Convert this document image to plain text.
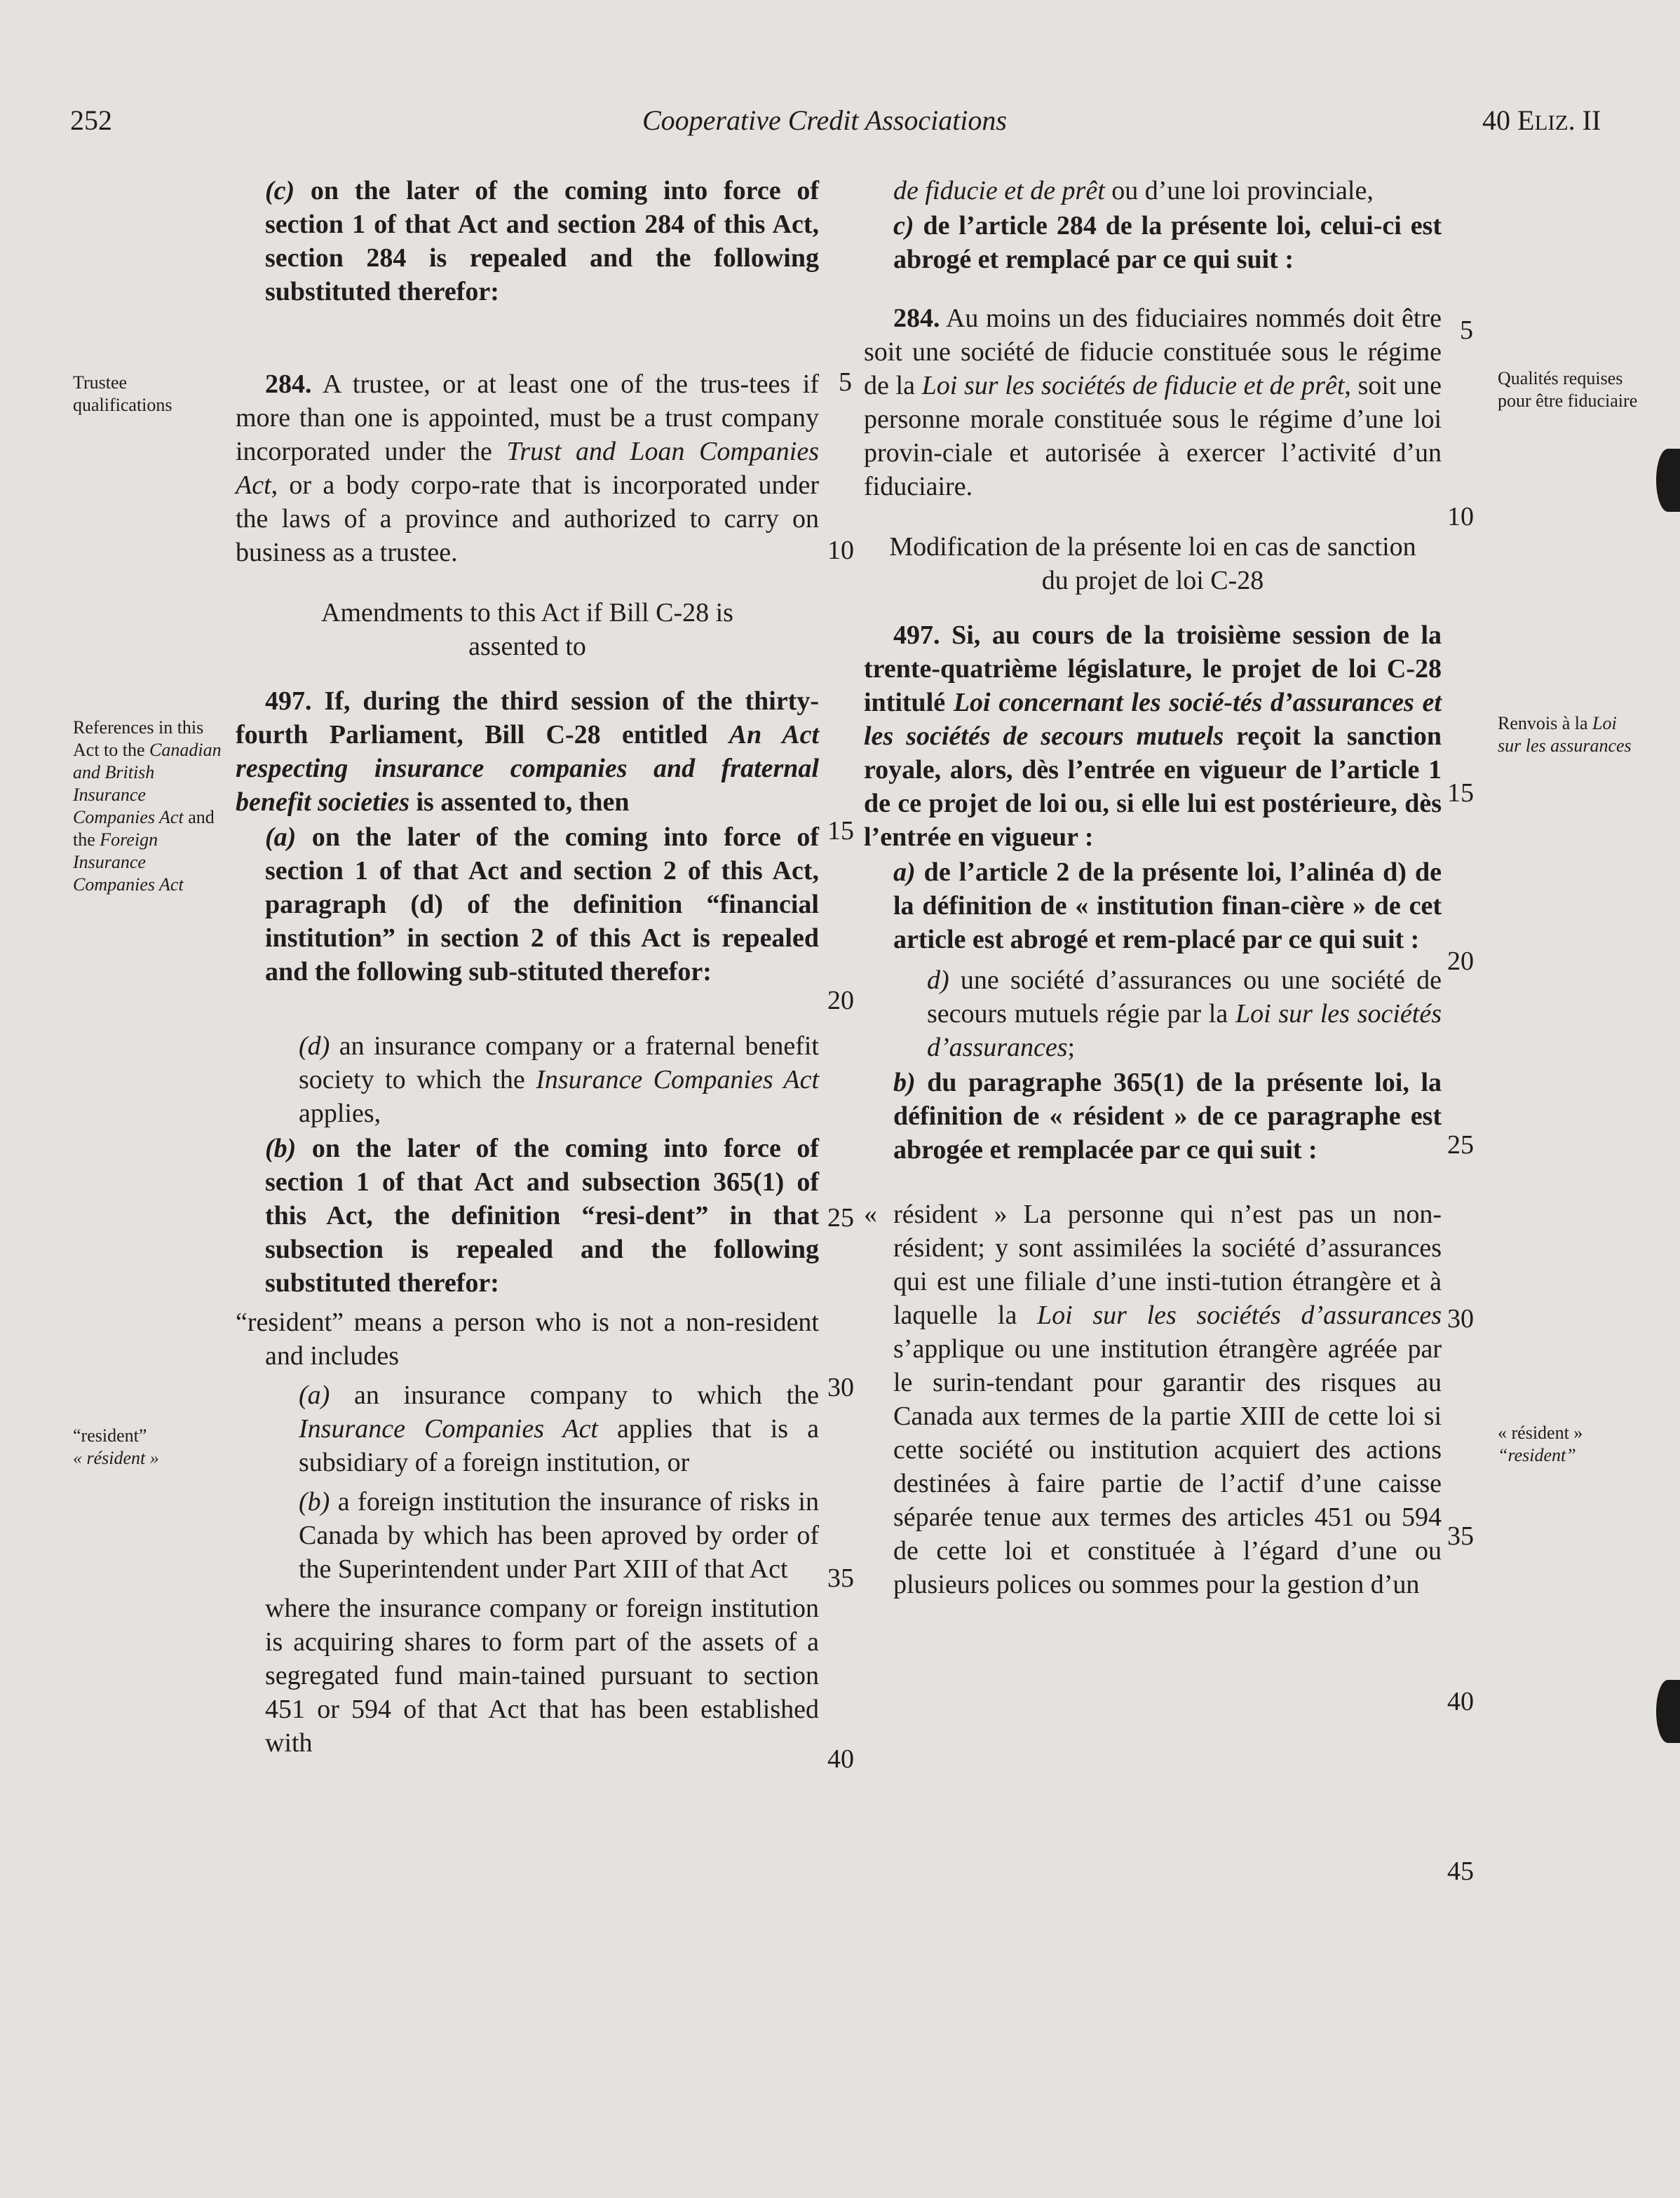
252	Cooperative Credit Associations	40 ELIZ. II
Trustee qualifications
References in this Act to the Canadian and British Insurance Companies Act and the Foreign Insurance Companies Act
“resident”
« résident »
Qualités requises pour être fiduciaire
Renvois à la Loi sur les assurances
« résident »
“resident”

(c) on the later of the coming into force of section 1 of that Act and section 284 of this Act, section 284 is repealed and the following substituted therefor:

284. A trustee, or at least one of the trus-tees if more than one is appointed, must be a trust company incorporated under the Trust and Loan Companies Act, or a body corpo-rate that is incorporated under the laws of a province and authorized to carry on business as a trustee.

Amendments to this Act if Bill C-28 is assented to

497. If, during the third session of the thirty-fourth Parliament, Bill C-28 entitled An Act respecting insurance companies and fraternal benefit societies is assented to, then

(a) on the later of the coming into force of section 1 of that Act and section 2 of this Act, paragraph (d) of the definition “financial institution” in section 2 of this Act is repealed and the following sub-stituted therefor:

(d) an insurance company or a fraternal benefit society to which the Insurance Companies Act applies,

(b) on the later of the coming into force of section 1 of that Act and subsection 365(1) of this Act, the definition “resi-dent” in that subsection is repealed and the following substituted therefor:

“resident” means a person who is not a non-resident and includes

(a) an insurance company to which the Insurance Companies Act applies that is a subsidiary of a foreign institution, or

(b) a foreign institution the insurance of risks in Canada by which has been aproved by order of the Superintendent under Part XIII of that Act

where the insurance company or foreign institution is acquiring shares to form part of the assets of a segregated fund main-tained pursuant to section 451 or 594 of that Act that has been established with

5
10
15
20
25
30
35
40

de fiducie et de prêt ou d’une loi provinciale,

c) de l’article 284 de la présente loi, celui-ci est abrogé et remplacé par ce qui suit :

284. Au moins un des fiduciaires nommés doit être soit une société de fiducie constituée sous le régime de la Loi sur les sociétés de fiducie et de prêt, soit une personne morale constituée sous le régime d’une loi provin-ciale et autorisée à exercer l’activité d’un fiduciaire.

Modification de la présente loi en cas de sanction du projet de loi C-28

497. Si, au cours de la troisième session de la trente-quatrième législature, le projet de loi C-28 intitulé Loi concernant les socié-tés d’assurances et les sociétés de secours mutuels reçoit la sanction royale, alors, dès l’entrée en vigueur de l’article 1 de ce projet de loi ou, si elle lui est postérieure, dès l’entrée en vigueur :

a) de l’article 2 de la présente loi, l’alinéa d) de la définition de « institution finan-cière » de cet article est abrogé et rem-placé par ce qui suit :

d) une société d’assurances ou une société de secours mutuels régie par la Loi sur les sociétés d’assurances;

b) du paragraphe 365(1) de la présente loi, la définition de « résident » de ce paragraphe est abrogée et remplacée par ce qui suit :

« résident » La personne qui n’est pas un non-résident; y sont assimilées la société d’assurances qui est une filiale d’une insti-tution étrangère et à laquelle la Loi sur les sociétés d’assurances s’applique ou une institution étrangère agréée par le surin-tendant pour garantir des risques au Canada aux termes de la partie XIII de cette loi si cette société ou institution acquiert des actions destinées à faire partie de l’actif d’une caisse séparée tenue aux termes des articles 451 ou 594 de cette loi et constituée à l’égard d’une ou plusieurs polices ou sommes pour la gestion d’un

5
10
15
20
25
30
35
40
45
